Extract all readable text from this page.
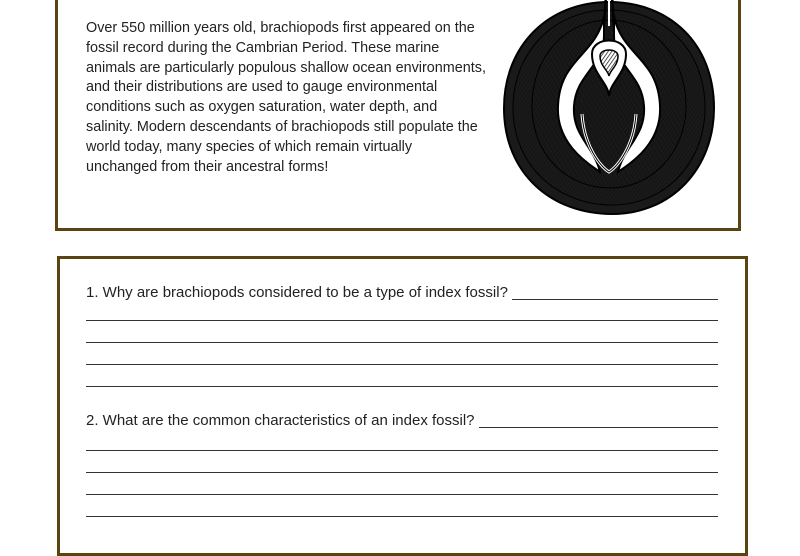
Over 550 million years old, brachiopods first appeared on the fossil record during the Cambrian Period. These marine animals are particularly populous shallow ocean environments, and their distributions are used to gauge environmental conditions such as oxygen saturation, water depth, and salinity. Modern descendants of brachiopods still populate the world today, many species of which remain virtually unchanged from their ancestral forms!

1. Why are brachiopods considered to be a type of index fossil?
2. What are the common characteristics of an index fossil?
